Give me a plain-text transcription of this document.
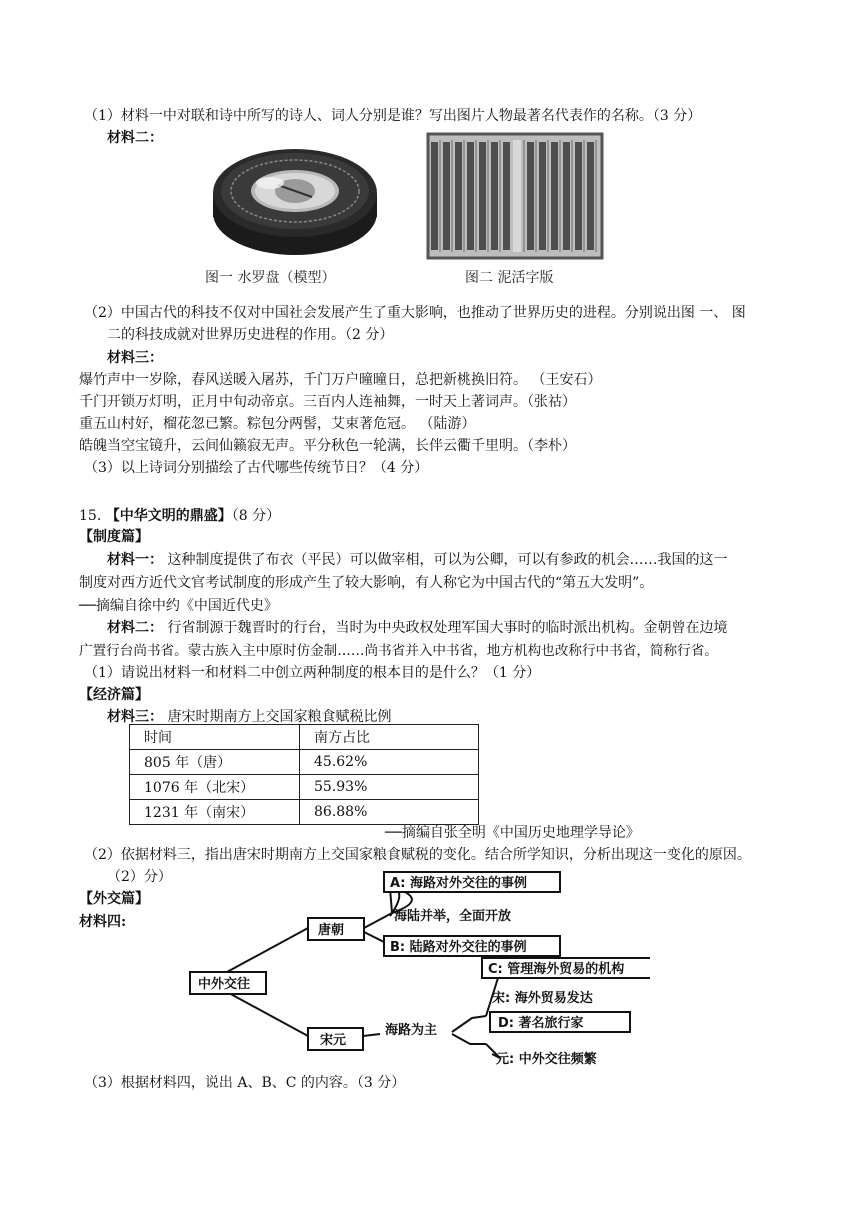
（1）材料一中对联和诗中所写的诗人、词人分别是谁？写出图片人物最著名代表作的名称。（3 分）
材料二：
图一 水罗盘（模型）	图二 泥活字版
（2）中国古代的科技不仅对中国社会发展产生了重大影响，也推动了世界历史的进程。分别说出图 一、 图
二的科技成就对世界历史进程的作用。（2 分）
材料三：
爆竹声中一岁除，春风送暖入屠苏，千门万户曈曈日，总把新桃换旧符。 （王安石）
千门开锁万灯明，正月中旬动帝京。三百内人连袖舞，一时天上著词声。（张祜）
重五山村好，榴花忽已繁。粽包分两髻，艾束著危冠。 （陆游）
皓魄当空宝镜升，云间仙籁寂无声。平分秋色一轮满，长伴云衢千里明。（李朴）
（3）以上诗词分别描绘了古代哪些传统节日？（4 分）
15. 【中华文明的鼎盛】（8 分）
【制度篇】
材料一： 这种制度提供了布衣（平民）可以做宰相，可以为公卿，可以有参政的机会……我国的这一
制度对西方近代文官考试制度的形成产生了较大影响，有人称它为中国古代的“第五大发明”。
──摘编自徐中约《中国近代史》
材料二： 行省制源于魏晋时的行台，当时为中央政权处理军国大事时的临时派出机构。金朝曾在边境
广置行台尚书省。蒙古族入主中原时仿金制……尚书省并入中书省，地方机构也改称行中书省，简称行省。
（1）请说出材料一和材料二中创立两种制度的根本目的是什么？（1 分）
【经济篇】
材料三： 唐宋时期南方上交国家粮食赋税比例
时间	南方占比
805 年（唐）	45.62%
1076 年（北宋）	55.93%
1231 年（南宋）	86.88%
──摘编自张全明《中国历史地理学导论》
（2）依据材料三，指出唐宋时期南方上交国家粮食赋税的变化。结合所学知识，分析出现这一变化的原因。
（2）分）
【外交篇】
材料四:
A: 海路对外交往的事例
海陆并举，全面开放
B: 陆路对外交往的事例
唐朝
中外交往
宋元
海路为主
C: 管理海外贸易的机构
宋: 海外贸易发达
D: 著名旅行家
元: 中外交往频繁
（3）根据材料四，说出 A、B、C 的内容。（3 分）
